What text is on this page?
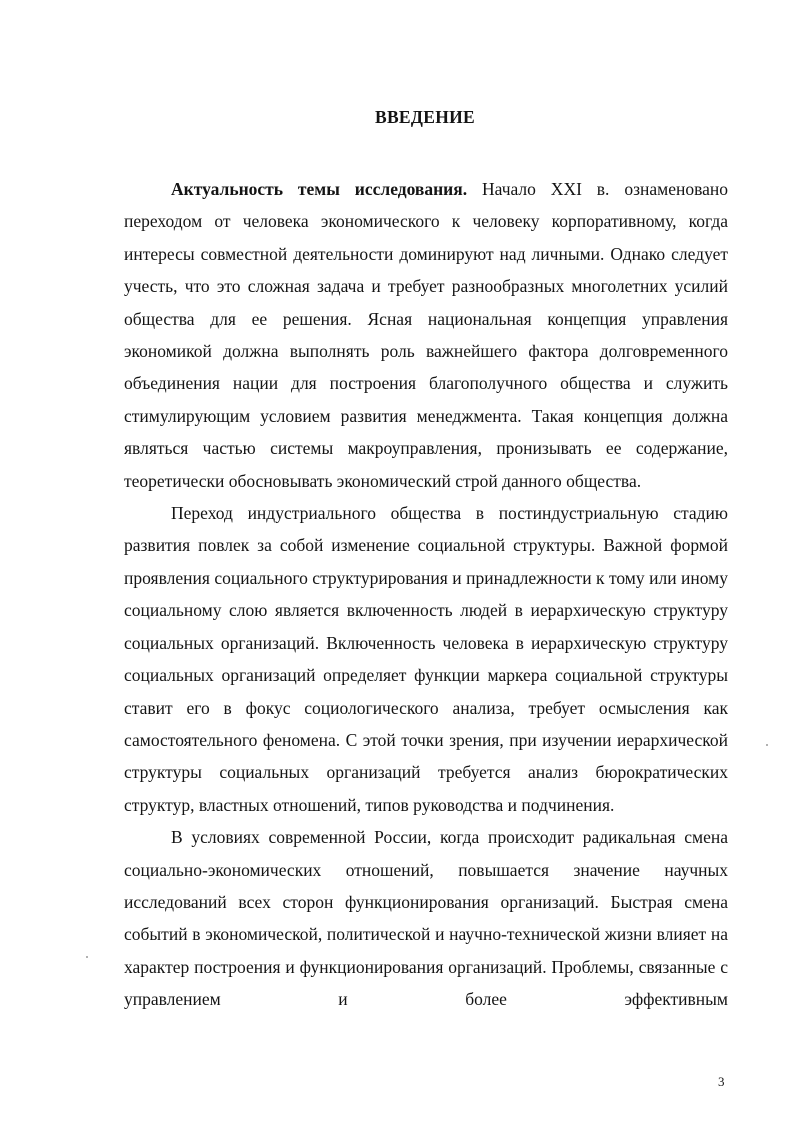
ВВЕДЕНИЕ

Актуальность темы исследования. Начало XXI в. ознаменовано переходом от человека экономического к человеку корпоративному, когда интересы совместной деятельности доминируют над личными. Однако следует учесть, что это сложная задача и требует разнообразных многолетних усилий общества для ее решения. Ясная национальная концепция управления экономикой должна выполнять роль важнейшего фактора долговременного объединения нации для построения благополучного общества и служить стимулирующим условием развития менеджмента. Такая концепция должна являться частью системы макроуправления, пронизывать ее содержание, теоретически обосновывать экономический строй данного общества.

Переход индустриального общества в постиндустриальную стадию развития повлек за собой изменение социальной структуры. Важной формой проявления социального структурирования и принадлежности к тому или иному социальному слою является включенность людей в иерархическую структуру социальных организаций. Включенность человека в иерархическую структуру социальных организаций определяет функции маркера социальной структуры ставит его в фокус социологического анализа, требует осмысления как самостоятельного феномена. С этой точки зрения, при изучении иерархической структуры социальных организаций требуется анализ бюрократических структур, властных отношений, типов руководства и подчинения.

В условиях современной России, когда происходит радикальная смена социально-экономических отношений, повышается значение научных исследований всех сторон функционирования организаций. Быстрая смена событий в экономической, политической и научно-технической жизни влияет на характер построения и функционирования организаций. Проблемы, связанные с управлением и более эффективным

3
